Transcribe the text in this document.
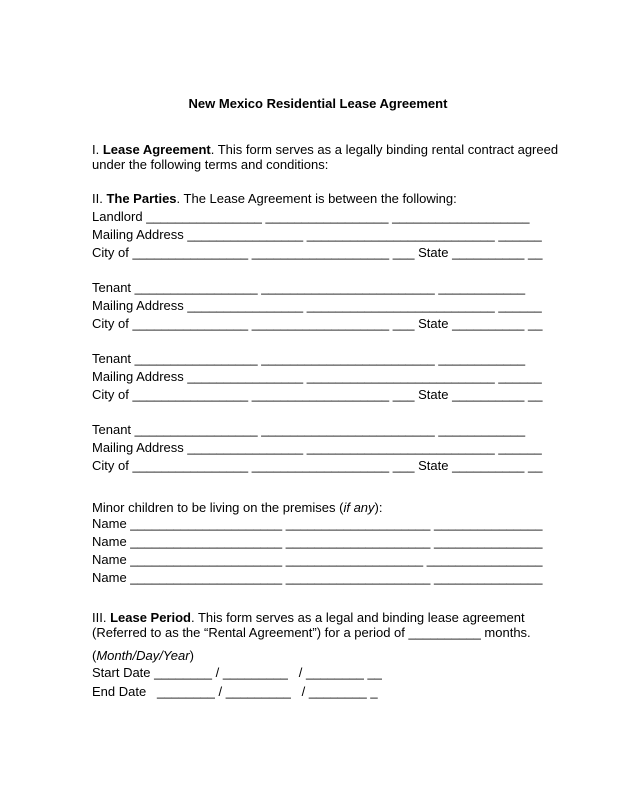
New Mexico Residential Lease Agreement
I. Lease Agreement. This form serves as a legally binding rental contract agreed
under the following terms and conditions:
II. The Parties. The Lease Agreement is between the following:
Landlord ________________ _________________ ___________________
Mailing Address ________________ __________________________ ______
City of ________________ ___________________ ___ State __________ __
Tenant _________________ ________________________ ____________
Mailing Address ________________ __________________________ ______
City of ________________ ___________________ ___ State __________ __
Tenant _________________ ________________________ ____________
Mailing Address ________________ __________________________ ______
City of ________________ ___________________ ___ State __________ __
Tenant _________________ ________________________ ____________
Mailing Address ________________ __________________________ ______
City of ________________ ___________________ ___ State __________ __
Minor children to be living on the premises (if any):
Name _____________________ ____________________ _______________
Name _____________________ ____________________ _______________
Name _____________________ ___________________ ________________
Name _____________________ ____________________ _______________
III. Lease Period. This form serves as a legal and binding lease agreement
(Referred to as the “Rental Agreement”) for a period of __________ months.
(Month/Day/Year)
Start Date ________ / _________   / ________ __
End Date   ________ / _________   / ________ _
